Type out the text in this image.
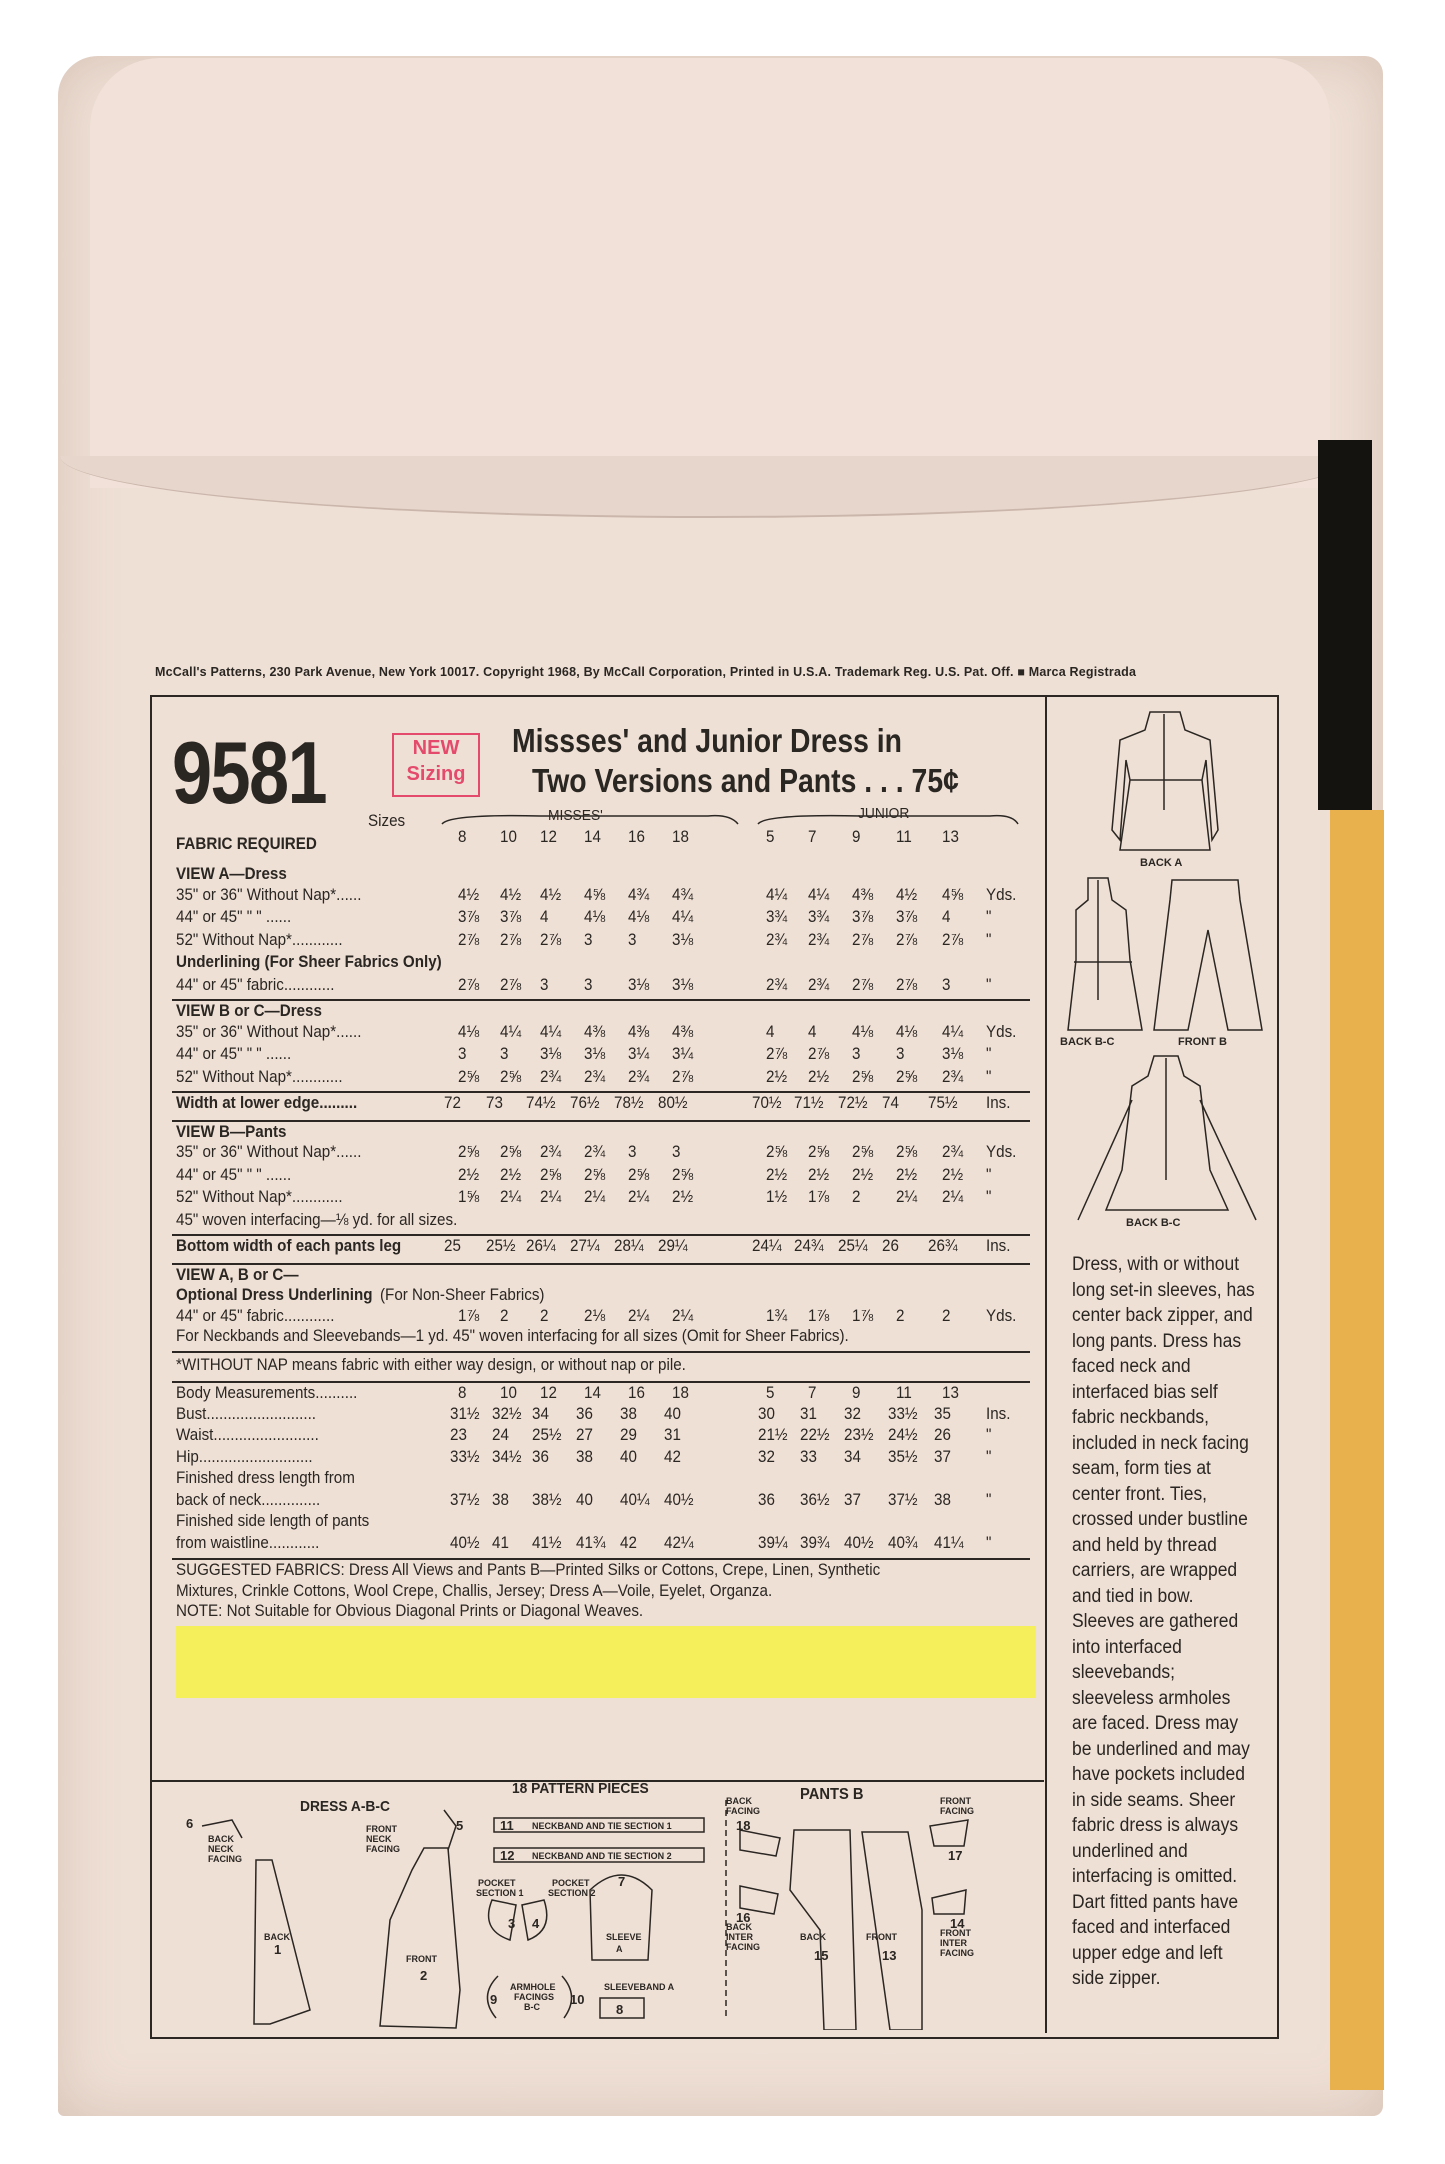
McCall's Patterns, 230 Park Avenue, New York 10017. Copyright 1968, By McCall Corporation, Printed in U.S.A. Trademark Reg. U.S. Pat. Off. ■ Marca Registrada
9581	NEW
Sizing
Missses' and Junior Dress in
Two Versions and Pants . . . 75¢
Sizes	MISSES'	JUNIOR
FABRIC REQUIRED	8 10 12 14 16 18	5 7 9 11 13
VIEW A—Dress
35" or 36" Without Nap*......	4½ 4½ 4½ 4⅝ 4¾ 4¾	4¼ 4¼ 4⅜ 4½ 4⅝ Yds.
44" or 45" " " ......	3⅞ 3⅞ 4 4⅛ 4⅛ 4¼	3¾ 3¾ 3⅞ 3⅞ 4 "
52" Without Nap*............	2⅞ 2⅞ 2⅞ 3 3 3⅛	2¾ 2¾ 2⅞ 2⅞ 2⅞ "
Underlining (For Sheer Fabrics Only)
44" or 45" fabric............	2⅞ 2⅞ 3 3 3⅛ 3⅛	2¾ 2¾ 2⅞ 2⅞ 3 "
VIEW B or C—Dress
35" or 36" Without Nap*......	4⅛ 4¼ 4¼ 4⅜ 4⅜ 4⅜	4 4 4⅛ 4⅛ 4¼ Yds.
44" or 45" " " ......	3 3 3⅛ 3⅛ 3¼ 3¼	2⅞ 2⅞ 3 3 3⅛ "
52" Without Nap*............	2⅝ 2⅝ 2¾ 2¾ 2¾ 2⅞	2½ 2½ 2⅝ 2⅝ 2¾ "
Width at lower edge.........	72 73 74½ 76½ 78½ 80½	70½ 71½ 72½ 74 75½ Ins.
VIEW B—Pants
35" or 36" Without Nap*......	2⅝ 2⅝ 2¾ 2¾ 3 3	2⅝ 2⅝ 2⅝ 2⅝ 2¾ Yds.
44" or 45" " " ......	2½ 2½ 2⅝ 2⅝ 2⅝ 2⅝	2½ 2½ 2½ 2½ 2½ "
52" Without Nap*............	1⅝ 2¼ 2¼ 2¼ 2¼ 2½	1½ 1⅞ 2 2¼ 2¼ "
45" woven interfacing—⅛ yd. for all sizes.
Bottom width of each pants leg	25 25½ 26¼ 27¼ 28¼ 29¼	24¼ 24¾ 25¼ 26 26¾ Ins.
VIEW A, B or C—
Optional Dress Underlining (For Non-Sheer Fabrics)
44" or 45" fabric............	1⅞ 2 2 2⅛ 2¼ 2¼	1¾ 1⅞ 1⅞ 2 2 Yds.
For Neckbands and Sleevebands—1 yd. 45" woven interfacing for all sizes (Omit for Sheer Fabrics).
*WITHOUT NAP means fabric with either way design, or without nap or pile.
Body Measurements..........	8 10 12 14 16 18	5 7 9 11 13
Bust..........................	31½ 32½ 34 36 38 40	30 31 32 33½ 35 Ins.
Waist.........................	23 24 25½ 27 29 31	21½ 22½ 23½ 24½ 26 "
Hip...........................	33½ 34½ 36 38 40 42	32 33 34 35½ 37 "
Finished dress length from
back of neck..............	37½ 38 38½ 40 40¼ 40½	36 36½ 37 37½ 38 "
Finished side length of pants
from waistline............	40½ 41 41½ 41¾ 42 42¼	39¼ 39¾ 40½ 40¾ 41¼ "
SUGGESTED FABRICS: Dress All Views and Pants B—Printed Silks or Cottons, Crepe, Linen, Synthetic
Mixtures, Crinkle Cottons, Wool Crepe, Challis, Jersey; Dress A—Voile, Eyelet, Organza.
NOTE: Not Suitable for Obvious Diagonal Prints or Diagonal Weaves.
Dress, with or without long set-in sleeves, has center back zipper, and long pants. Dress has faced neck and interfaced bias self fabric neckbands, included in neck facing seam, form ties at center front. Ties, crossed under bustline and held by thread carriers, are wrapped and tied in bow. Sleeves are gathered into interfaced sleevebands; sleeveless armholes are faced. Dress may be underlined and may have pockets included in side seams. Sheer fabric dress is always underlined and interfacing is omitted. Dart fitted pants have faced and interfaced upper edge and left side zipper.
BACK A
BACK B-C	FRONT B
BACK B-C
DRESS A-B-C
18 PATTERN PIECES	PANTS B
6
1
2
5	11
12
3 4
7
9	10
8
18
15	13
17
16	14
BACK
NECK
FACING
FRONT
NECK
FACING
BACK
FRONT
NECKBAND AND TIE SECTION 1
NECKBAND AND TIE SECTION 2
POCKET
SECTION 1
POCKET
SECTION 2
SLEEVE
A
ARMHOLE
FACINGS
B-C
SLEEVEBAND A
BACK
FACING
FRONT
FACING
BACK	FRONT
BACK
INTER
FACING
FRONT
INTER
FACING
